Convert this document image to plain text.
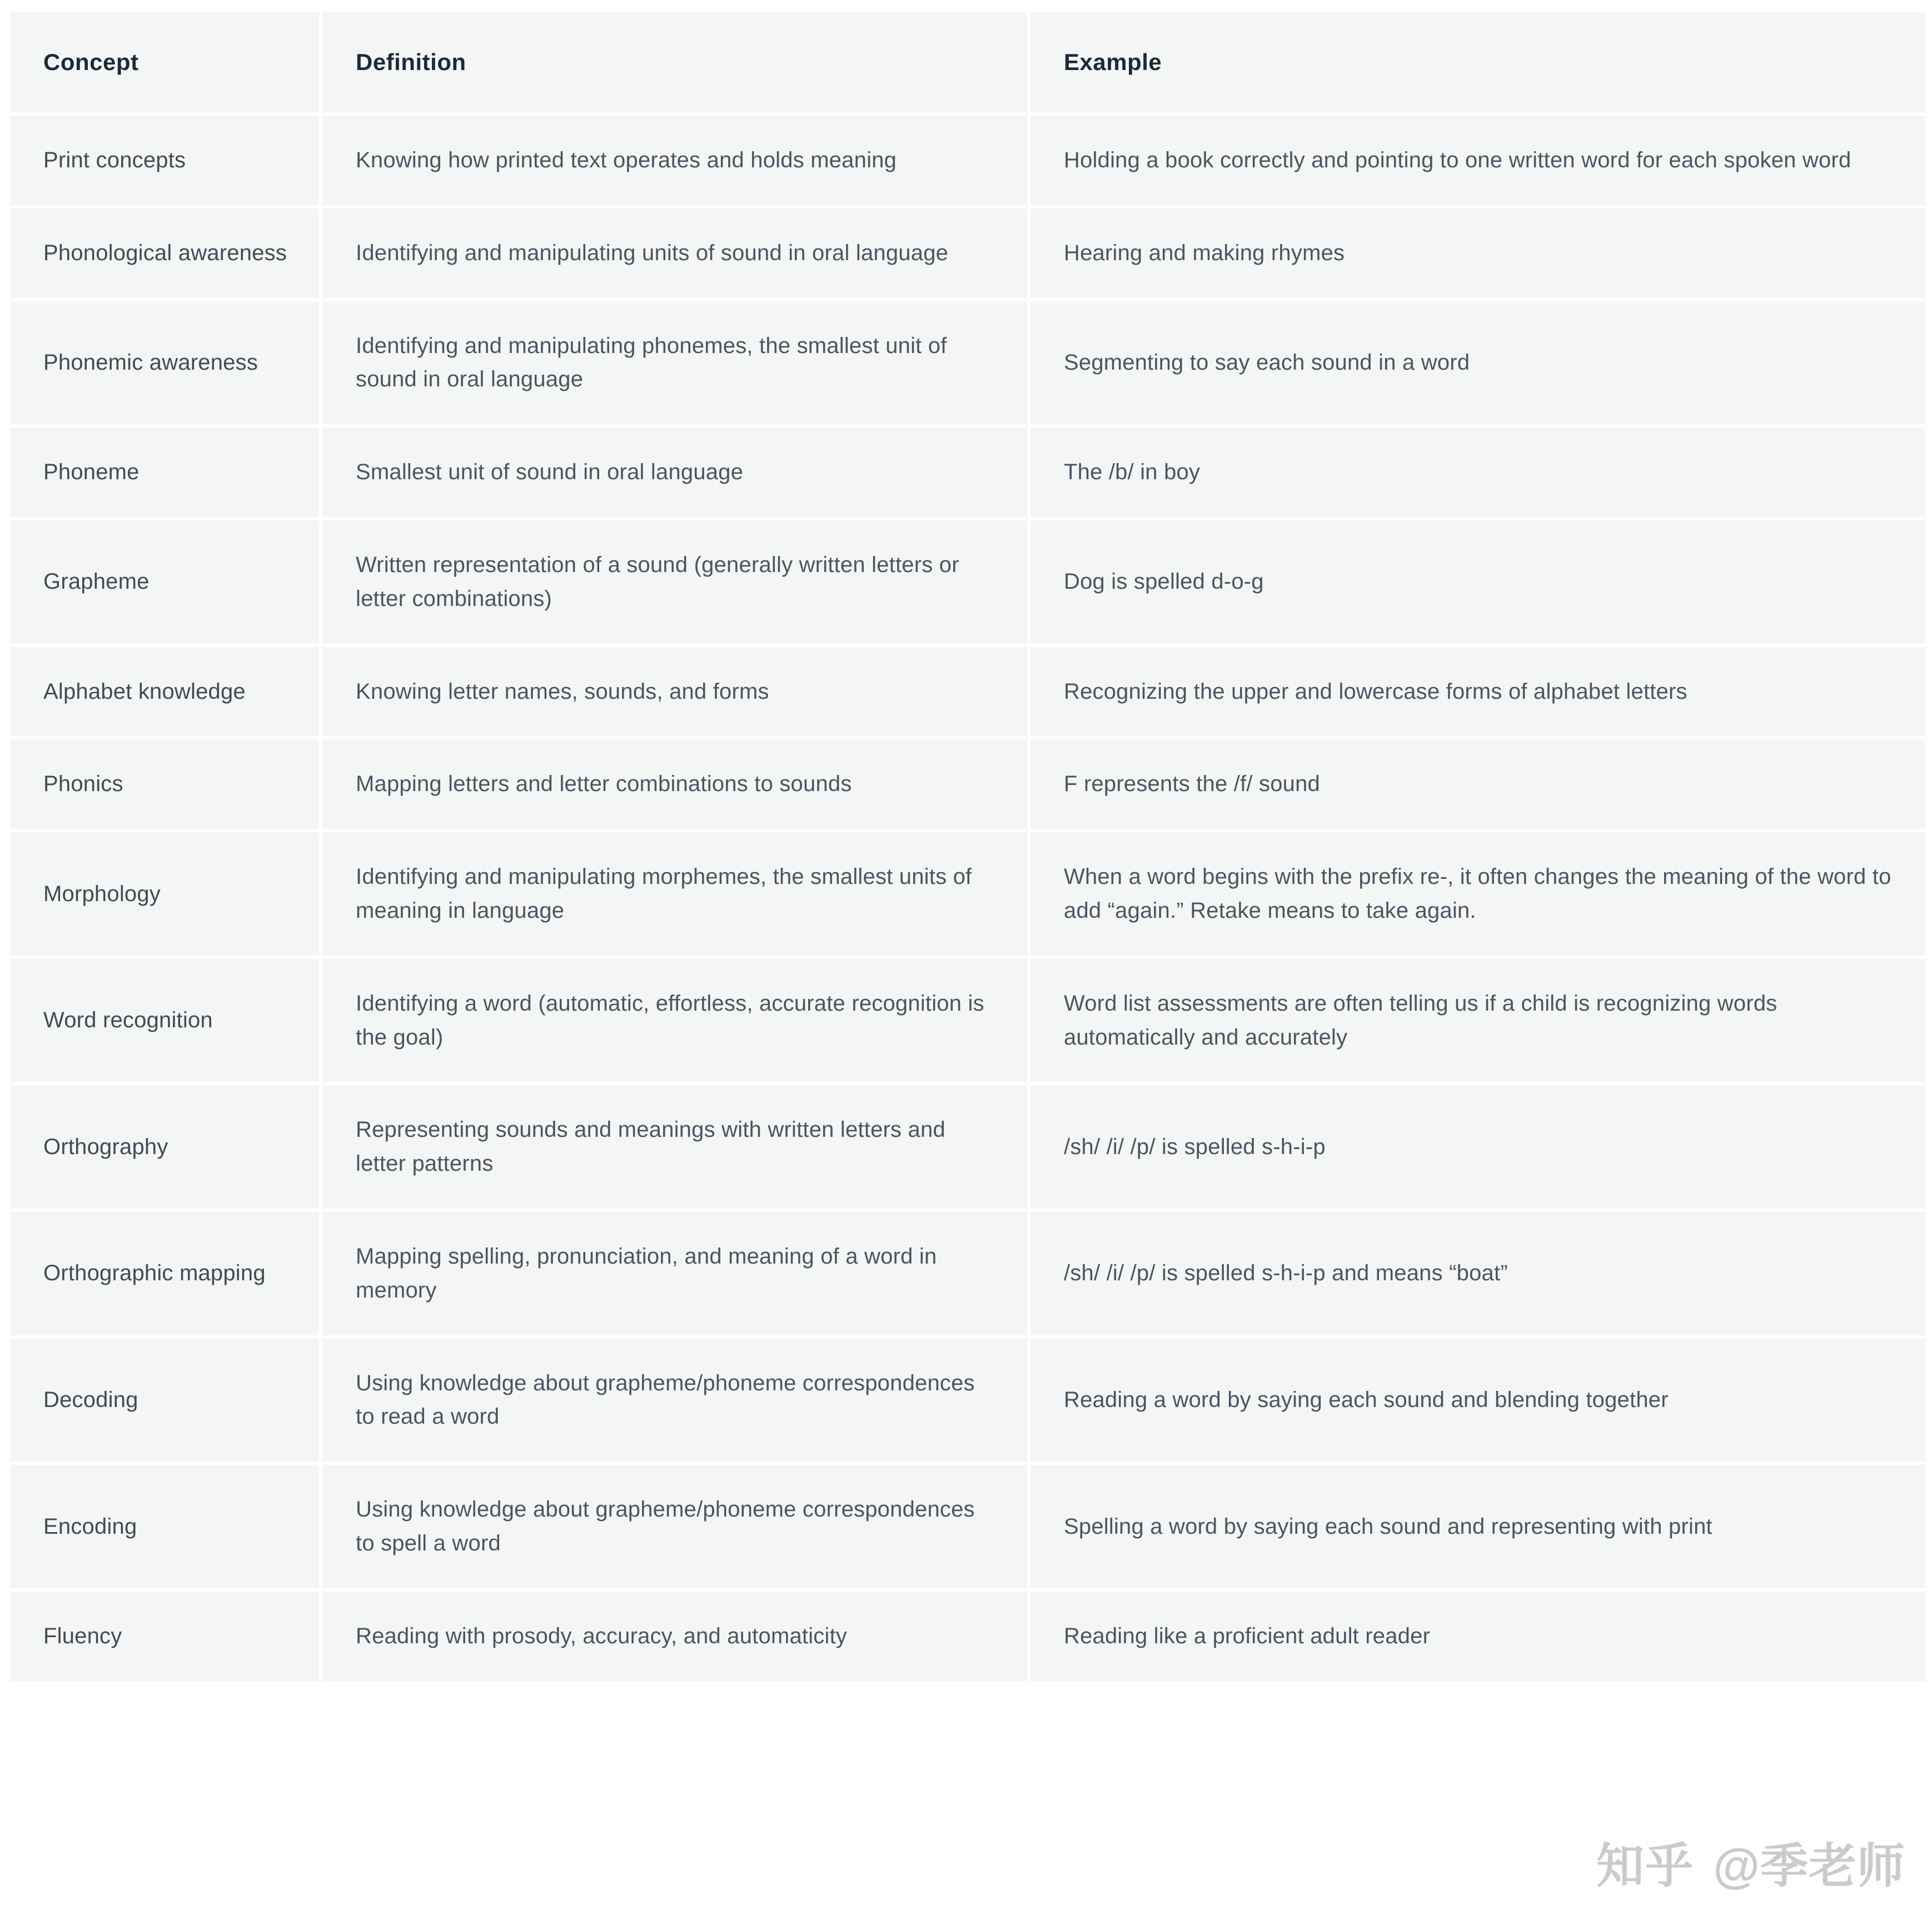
Concept	Definition	Example
Print concepts	Knowing how printed text operates and holds meaning	Holding a book correctly and pointing to one written word for each spoken word
Phonological awareness	Identifying and manipulating units of sound in oral language	Hearing and making rhymes
Phonemic awareness	Identifying and manipulating phonemes, the smallest unit of sound in oral language	Segmenting to say each sound in a word
Phoneme	Smallest unit of sound in oral language	The /b/ in boy
Grapheme	Written representation of a sound (generally written letters or letter combinations)	Dog is spelled d-o-g
Alphabet knowledge	Knowing letter names, sounds, and forms	Recognizing the upper and lowercase forms of alphabet letters
Phonics	Mapping letters and letter combinations to sounds	F represents the /f/ sound
Morphology	Identifying and manipulating morphemes, the smallest units of meaning in language	When a word begins with the prefix re-, it often changes the meaning of the word to add “again.” Retake means to take again.
Word recognition	Identifying a word (automatic, effortless, accurate recognition is the goal)	Word list assessments are often telling us if a child is recognizing words automatically and accurately
Orthography	Representing sounds and meanings with written letters and letter patterns	/sh/ /i/ /p/ is spelled s-h-i-p
Orthographic mapping	Mapping spelling, pronunciation, and meaning of a word in memory	/sh/ /i/ /p/ is spelled s-h-i-p and means “boat”
Decoding	Using knowledge about grapheme/phoneme correspondences to read a word	Reading a word by saying each sound and blending together
Encoding	Using knowledge about grapheme/phoneme correspondences to spell a word	Spelling a word by saying each sound and representing with print
Fluency	Reading with prosody, accuracy, and automaticity	Reading like a proficient adult reader
知乎 @季老师
